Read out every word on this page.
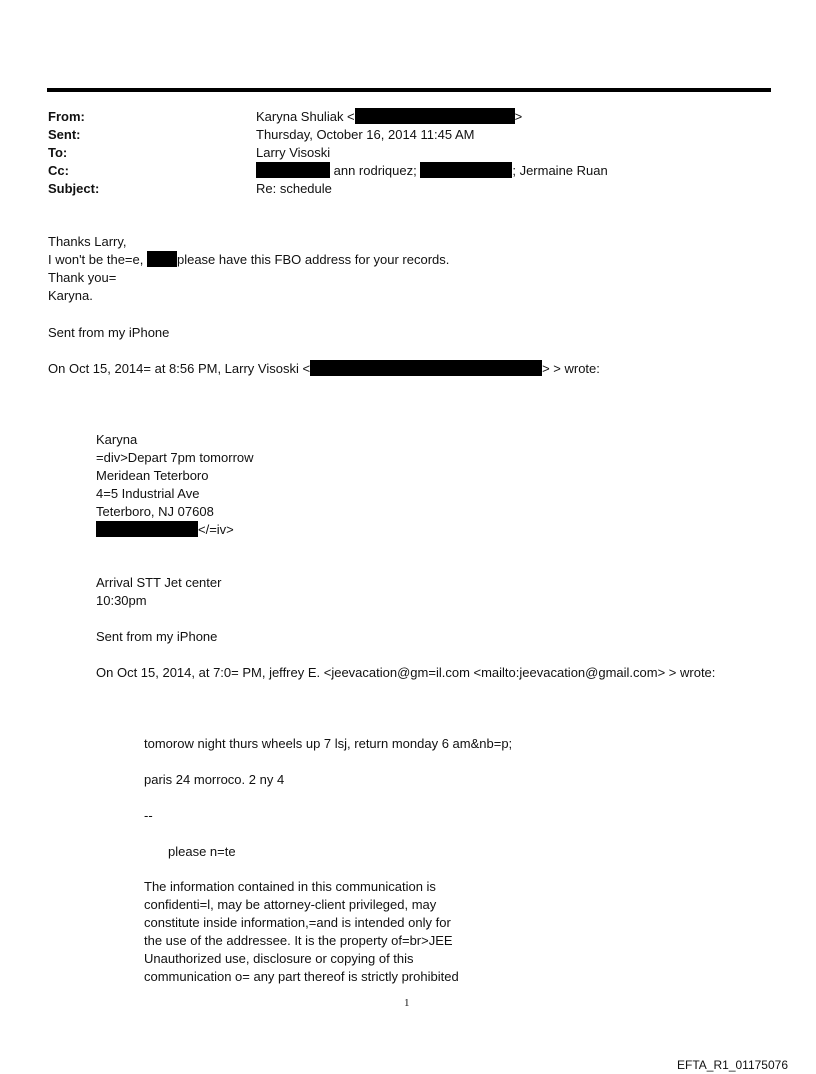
From:	Karyna Shuliak <	>
Sent:	Thursday, October 16, 2014 11:45 AM
To:	Larry Visoski
Cc:	ann rodriquez;	; Jermaine Ruan
Subject:	Re: schedule
Thanks Larry,
I won't be the=e, please have this FBO address for your records.
Thank you=
Karyna.
Sent from my iPhone
On Oct 15, 2014= at 8:56 PM, Larry Visoski <	> > wrote:
Karyna
=div>Depart 7pm tomorrow
Meridean Teterboro
4=5 Industrial Ave
Teterboro, NJ 07608
</=iv>
Arrival STT Jet center
10:30pm
Sent from my iPhone
On Oct 15, 2014, at 7:0= PM, jeffrey E. <jeevacation@gm=il.com <mailto:jeevacation@gmail.com> > wrote:
tomorow night thurs wheels up 7 lsj, return monday 6 am&nb=p;
paris 24 morroco. 2 ny 4
--
please n=te
The information contained in this communication is
confidenti=l, may be attorney-client privileged, may
constitute inside information,=and is intended only for
the use of the addressee. It is the property of=br>JEE
Unauthorized use, disclosure or copying of this
communication o= any part thereof is strictly prohibited
1
EFTA_R1_01175076
